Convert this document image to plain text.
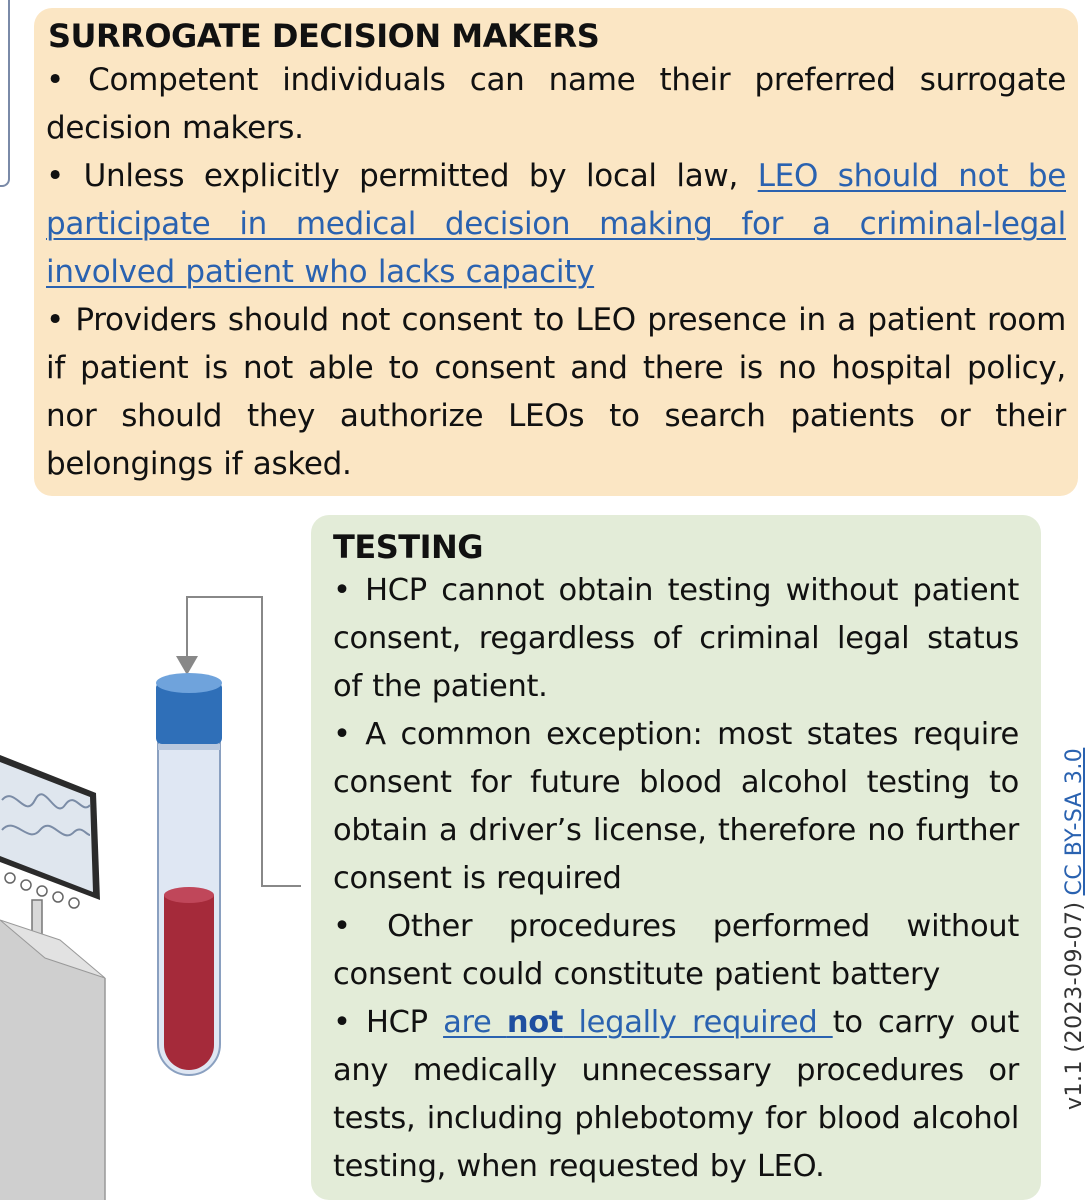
SURROGATE DECISION MAKERS
• Competent individuals can name their preferred surrogate decision makers.
• Unless explicitly permitted by local law, LEO should not be participate in medical decision making for a criminal-legal involved patient who lacks capacity
• Providers should not consent to LEO presence in a patient room if patient is not able to consent and there is no hospital policy, nor should they authorize LEOs to search patients or their belongings if asked.
TESTING
• HCP cannot obtain testing without patient consent, regardless of criminal legal status of the patient.
• A common exception: most states require consent for future blood alcohol testing to obtain a driver’s license, therefore no further consent is required
• Other procedures performed without consent could constitute patient battery
• HCP are not legally required to carry out any medically unnecessary procedures or tests, including phlebotomy for blood alcohol testing, when requested by LEO.
v1.1 (2023-09-07)CC BY-SA 3.0
